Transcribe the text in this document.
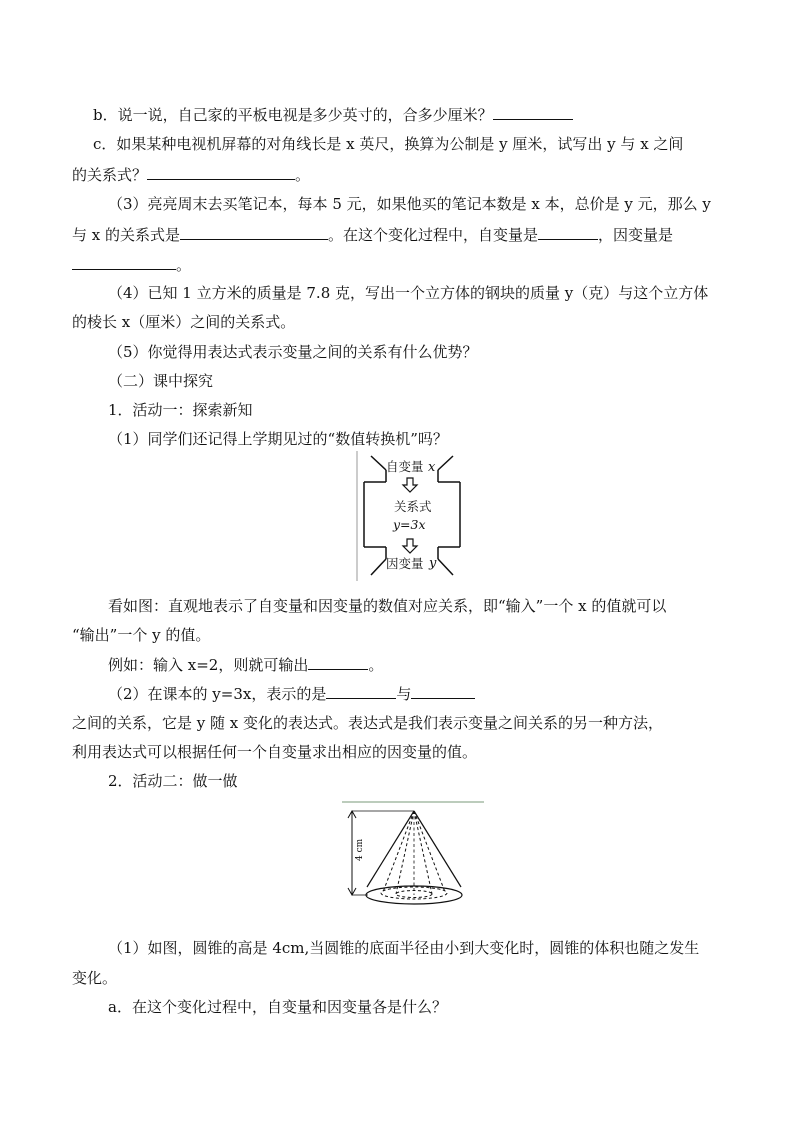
b．说一说，自己家的平板电视是多少英寸的，合多少厘米？
c．如果某种电视机屏幕的对角线长是 x 英尺，换算为公制是 y 厘米，试写出 y 与 x 之间
的关系式？	。
（3）亮亮周末去买笔记本，每本 5 元，如果他买的笔记本数是 x 本，总价是 y 元，那么 y
与 x 的关系式是	。在这个变化过程中，自变量是	，因变量是
。
（4）已知 1 立方米的质量是 7.8 克，写出一个立方体的钢块的质量 y（克）与这个立方体
的棱长 x（厘米）之间的关系式。
（5）你觉得用表达式表示变量之间的关系有什么优势？
（二）课中探究
1．活动一：探索新知
（1）同学们还记得上学期见过的“数值转换机”吗？
自变量 x
关系式
y=3x
因变量 y
看如图：直观地表示了自变量和因变量的数值对应关系，即“输入”一个 x 的值就可以
“输出”一个 y 的值。
例如：输入 x=2，则就可输出	。
（2）在课本的 y=3x，表示的是	与
之间的关系，它是 y 随 x 变化的表达式。表达式是我们表示变量之间关系的另一种方法，
利用表达式可以根据任何一个自变量求出相应的因变量的值。
2．活动二：做一做
4 cm
（1）如图，圆锥的高是 4cm,当圆锥的底面半径由小到大变化时，圆锥的体积也随之发生
变化。
a．在这个变化过程中，自变量和因变量各是什么？
